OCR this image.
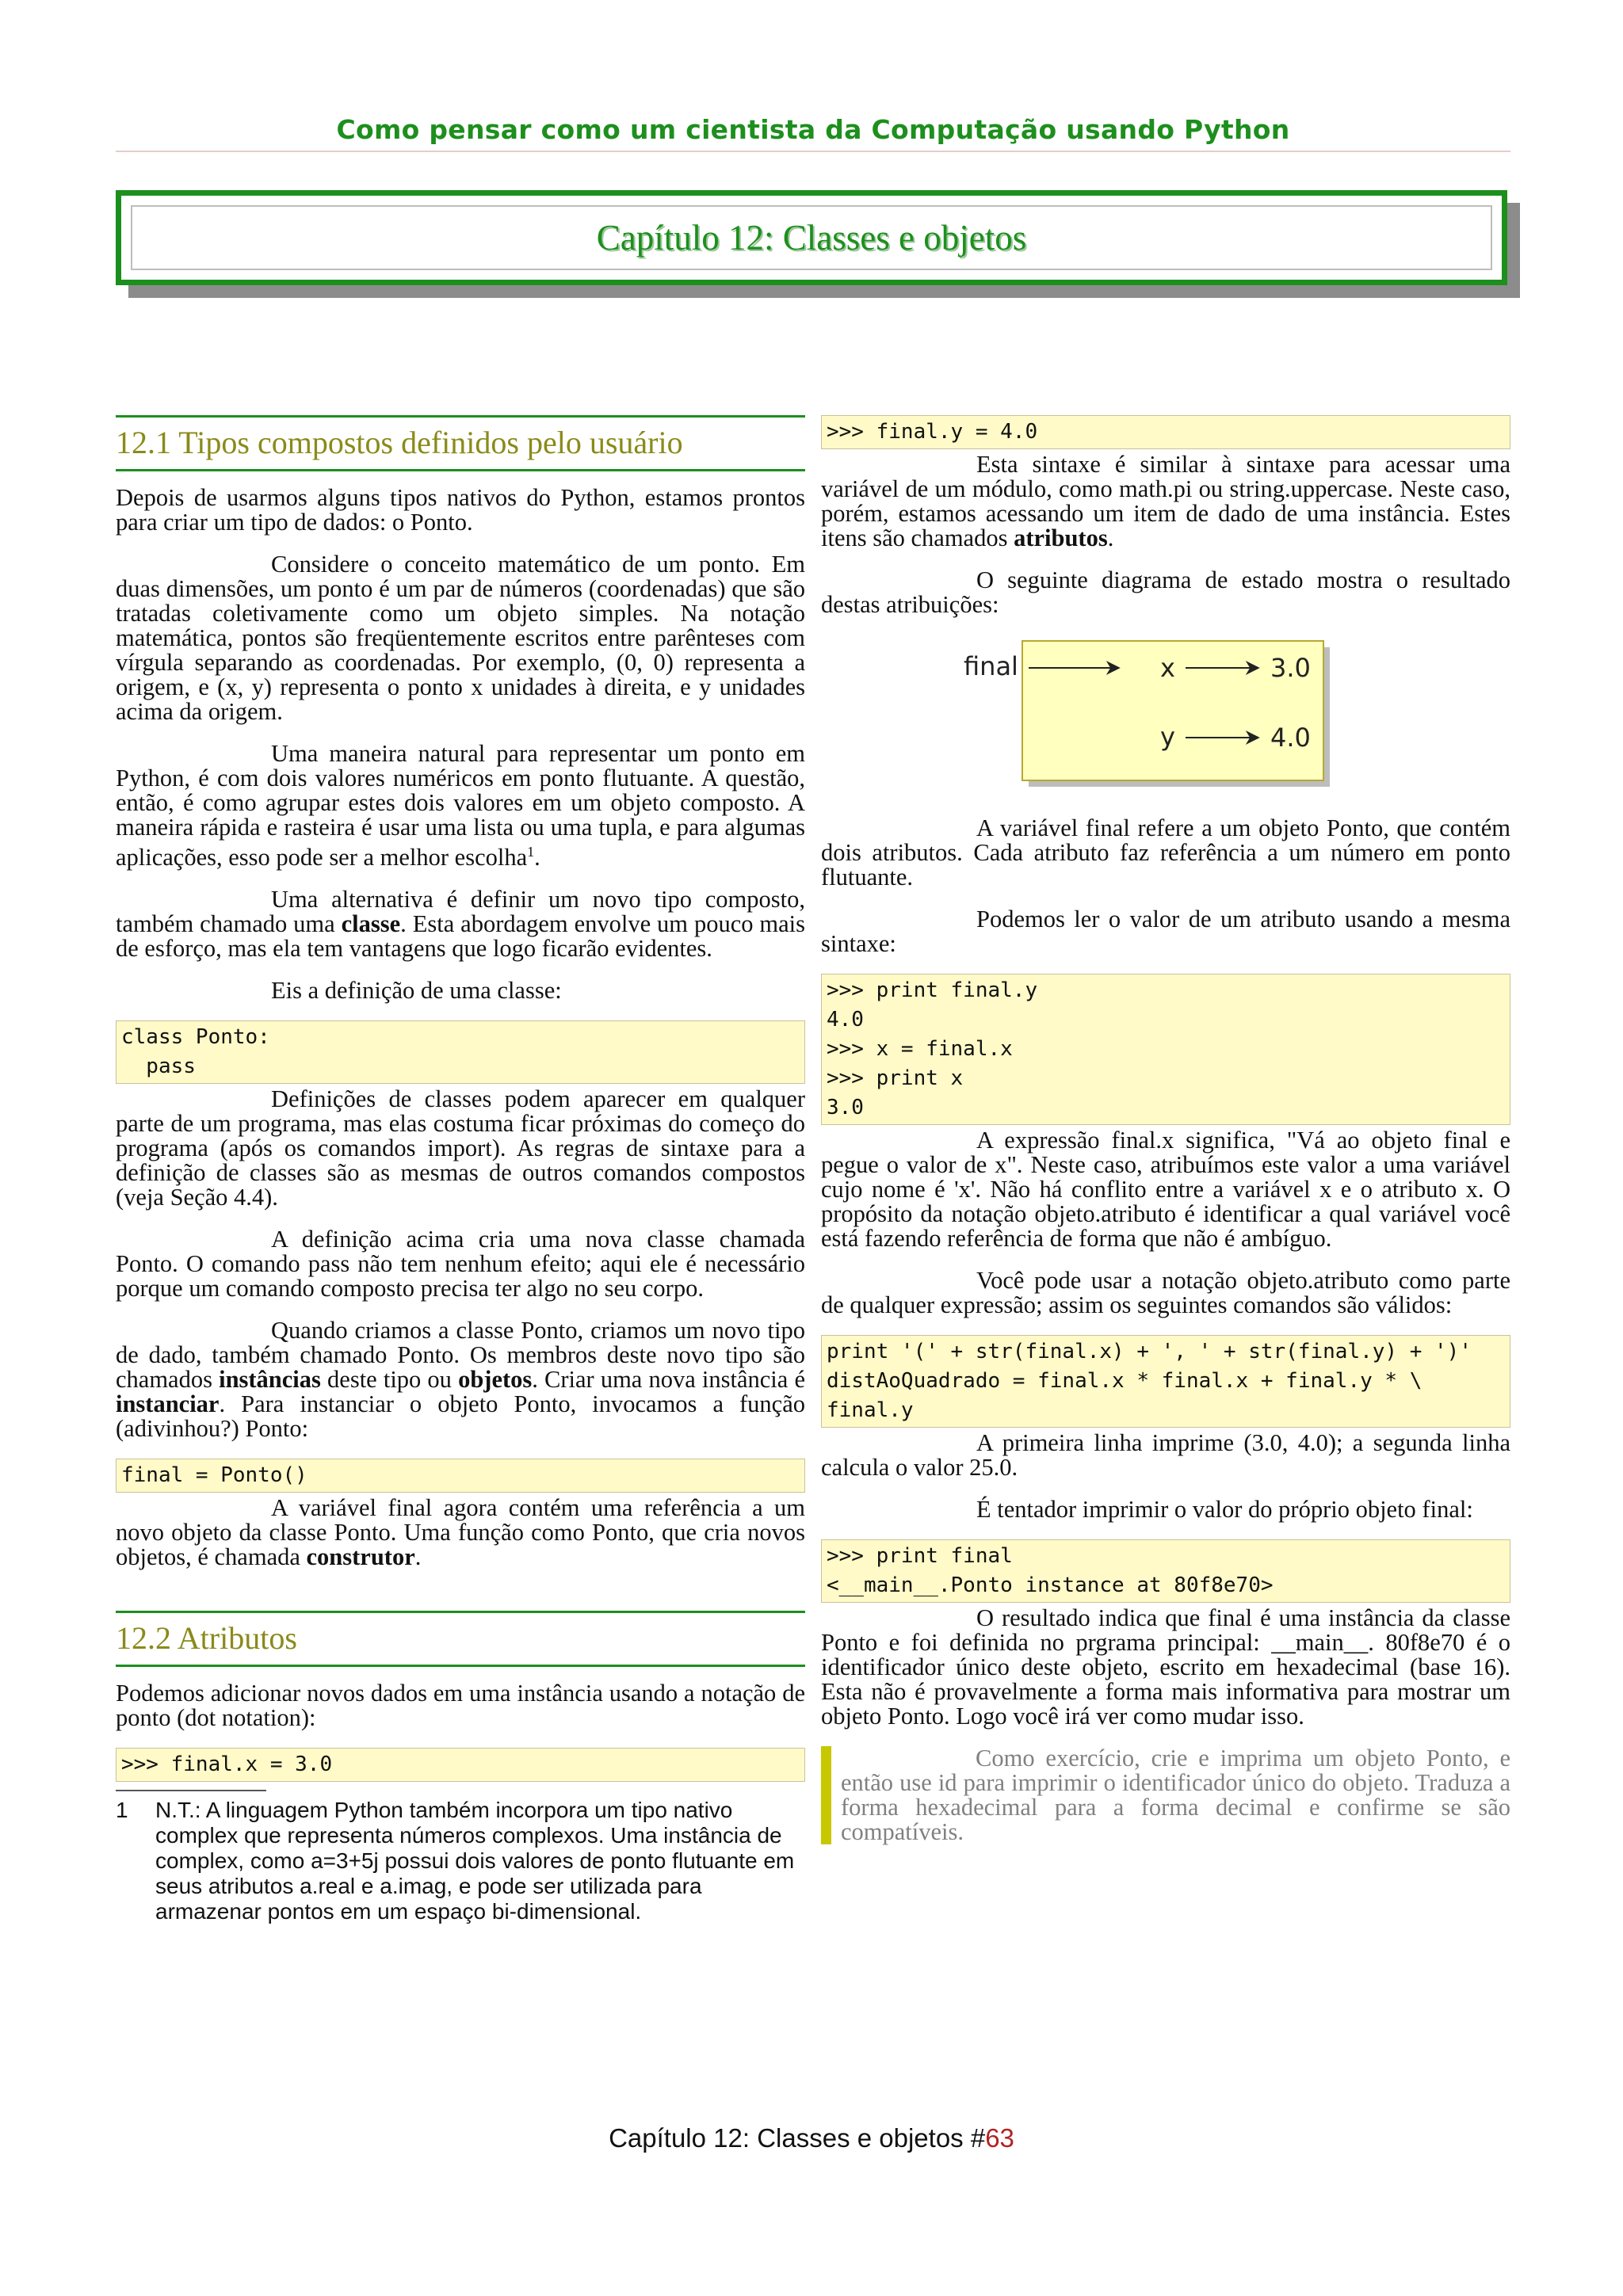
Como pensar como um cientista da Computação usando Python
Capítulo 12: Classes e objetos
12.1 Tipos compostos definidos pelo usuário

Depois de usarmos alguns tipos nativos do Python, estamos prontos para criar um tipo de dados: o Ponto.

Considere o conceito matemático de um ponto. Em duas dimensões, um ponto é um par de números (coordenadas) que são tratadas coletivamente como um objeto simples. Na notação matemática, pontos são freqüentemente escritos entre parênteses com vírgula separando as coordenadas. Por exemplo, (0, 0) representa a origem, e (x, y) representa o ponto x unidades à direita, e y unidades acima da origem.

Uma maneira natural para representar um ponto em Python, é com dois valores numéricos em ponto flutuante. A questão, então, é como agrupar estes dois valores em um objeto composto. A maneira rápida e rasteira é usar uma lista ou uma tupla, e para algumas aplicações, esso pode ser a melhor escolha$^1$.

Uma alternativa é definir um novo tipo composto, também chamado uma classe. Esta abordagem envolve um pouco mais de esforço, mas ela tem vantagens que logo ficarão evidentes.

Eis a definição de uma classe:

class Ponto:
pass

Definições de classes podem aparecer em qualquer parte de um programa, mas elas costuma ficar próximas do começo do programa (após os comandos import). As regras de sintaxe para a definição de classes são as mesmas de outros comandos compostos (veja Seção 4.4).

A definição acima cria uma nova classe chamada Ponto. O comando pass não tem nenhum efeito; aqui ele é necessário porque um comando composto precisa ter algo no seu corpo.

Quando criamos a classe Ponto, criamos um novo tipo de dado, também chamado Ponto. Os membros deste novo tipo são chamados instâncias deste tipo ou objetos. Criar uma nova instância é instanciar. Para instanciar o objeto Ponto, invocamos a função (adivinhou?) Ponto:

final = Ponto()

A variável final agora contém uma referência a um novo objeto da classe Ponto. Uma função como Ponto, que cria novos objetos, é chamada construtor.

12.2 Atributos

Podemos adicionar novos dados em uma instância usando a notação de ponto (dot notation):

>>> final.x = 3.0
1	N.T.: A linguagem Python também incorpora um tipo nativo complex que representa números complexos. Uma instância de complex, como a=3+5j possui dois valores de ponto flutuante em seus atributos a.real e a.imag, e pode ser utilizada para armazenar pontos em um espaço bi-dimensional.
>>> final.y = 4.0

Esta sintaxe é similar à sintaxe para acessar uma variável de um módulo, como math.pi ou string.uppercase. Neste caso, porém, estamos acessando um item de dado de uma instância. Estes itens são chamados atributos.

O seguinte diagrama de estado mostra o resultado destas atribuições:

final	x	3.0
y	4.0

A variável final refere a um objeto Ponto, que contém dois atributos. Cada atributo faz referência a um número em ponto flutuante.

Podemos ler o valor de um atributo usando a mesma sintaxe:

>>> print final.y
4.0
>>> x = final.x
>>> print x
3.0

A expressão final.x significa, "Vá ao objeto final e pegue o valor de x". Neste caso, atribuímos este valor a uma variável cujo nome é 'x'. Não há conflito entre a variável x e o atributo x. O propósito da notação objeto.atributo é identificar a qual variável você está fazendo referência de forma que não é ambíguo.

Você pode usar a notação objeto.atributo como parte de qualquer expressão; assim os seguintes comandos são válidos:

print '(' + str(final.x) + ', ' + str(final.y) + ')'
distAoQuadrado = final.x * final.x + final.y * \
final.y

A primeira linha imprime (3.0, 4.0); a segunda linha calcula o valor 25.0.

É tentador imprimir o valor do próprio objeto final:

>>> print final
<__main__.Ponto instance at 80f8e70>

O resultado indica que final é uma instância da classe Ponto e foi definida no prgrama principal: __main__. 80f8e70 é o identificador único deste objeto, escrito em hexadecimal (base 16). Esta não é provavelmente a forma mais informativa para mostrar um objeto Ponto. Logo você irá ver como mudar isso.

Como exercício, crie e imprima um objeto Ponto, e então use id para imprimir o identificador único do objeto. Traduza a forma hexadecimal para a forma decimal e confirme se são compatíveis.
Capítulo 12: Classes e objetos #63
